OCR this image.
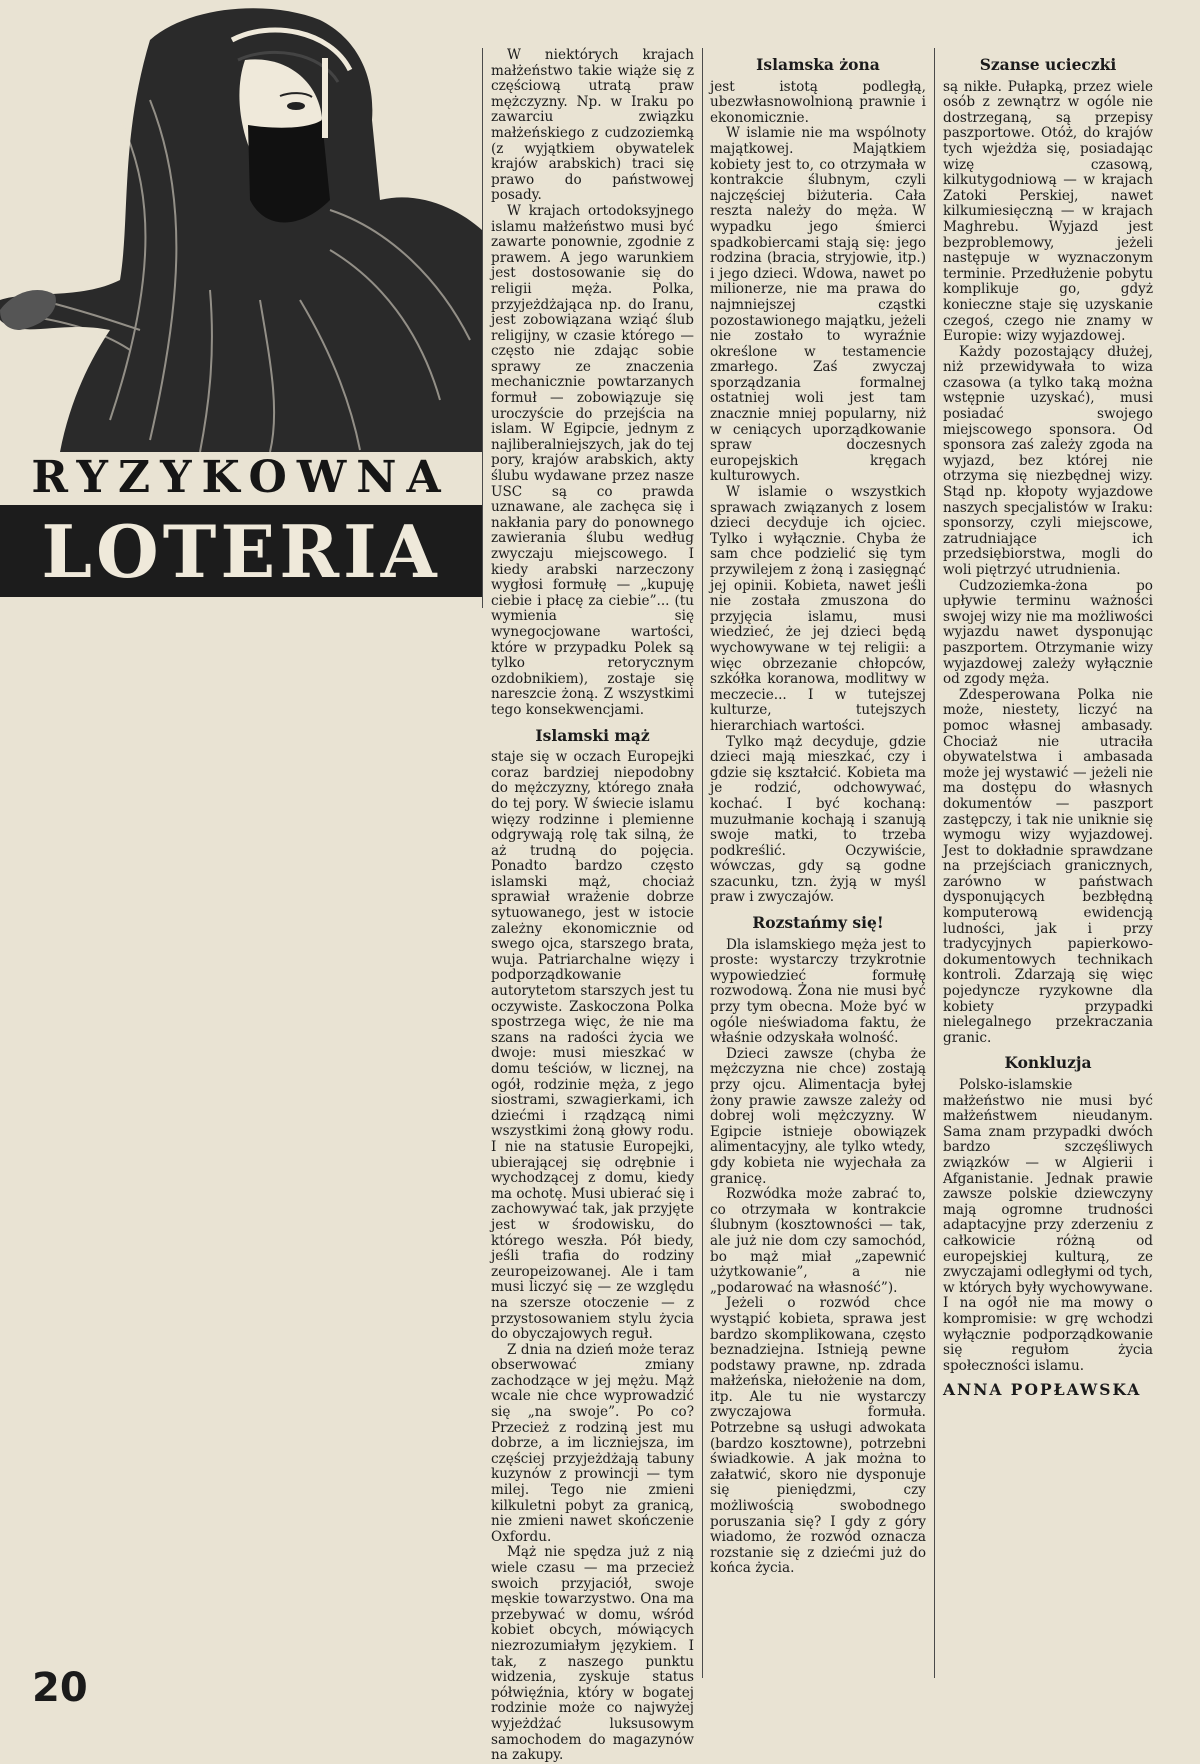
RYZYKOWNA
LOTERIA

W niektórych krajach małżeństwo takie wiąże się z częściową utratą praw mężczyzny. Np. w Iraku po zawarciu związku małżeńskiego z cudzoziemką (z wyjątkiem obywatelek krajów arabskich) traci się prawo do państwowej posady.

W krajach ortodoksyjnego islamu małżeństwo musi być zawarte ponownie, zgodnie z prawem. A jego warunkiem jest dostosowanie się do religii męża. Polka, przyjeżdżająca np. do Iranu, jest zobowiązana wziąć ślub religijny, w czasie którego — często nie zdając sobie sprawy ze znaczenia mechanicznie powtarzanych formuł — zobowiązuje się uroczyście do przejścia na islam. W Egipcie, jednym z najliberalniejszych, jak do tej pory, krajów arabskich, akty ślubu wydawane przez nasze USC są co prawda uznawane, ale zachęca się i nakłania pary do ponownego zawierania ślubu według zwyczaju miejscowego. I kiedy arabski narzeczony wygłosi formułę — „kupuję ciebie i płacę za ciebie”... (tu wymienia się wynegocjowane wartości, które w przypadku Polek są tylko retorycznym ozdobnikiem), zostaje się nareszcie żoną. Z wszystkimi tego konsekwencjami.

Islamski mąż

staje się w oczach Europejki coraz bardziej niepodobny do mężczyzny, którego znała do tej pory. W świecie islamu więzy rodzinne i plemienne odgrywają rolę tak silną, że aż trudną do pojęcia. Ponadto bardzo często islamski mąż, chociaż sprawiał wrażenie dobrze sytuowanego, jest w istocie zależny ekonomicznie od swego ojca, starszego brata, wuja. Patriarchalne więzy i podporządkowanie autorytetom starszych jest tu oczywiste. Zaskoczona Polka spostrzega więc, że nie ma szans na radości życia we dwoje: musi mieszkać w domu teściów, w licznej, na ogół, rodzinie męża, z jego siostrami, szwagierkami, ich dziećmi i rządzącą nimi wszystkimi żoną głowy rodu. I nie na statusie Europejki, ubierającej się odrębnie i wychodzącej z domu, kiedy ma ochotę. Musi ubierać się i zachowywać tak, jak przyjęte jest w środowisku, do którego weszła. Pół biedy, jeśli trafia do rodziny zeuropeizowanej. Ale i tam musi liczyć się — ze względu na szersze otoczenie — z przystosowaniem stylu życia do obyczajowych reguł.

Z dnia na dzień może teraz obserwować zmiany zachodzące w jej mężu. Mąż wcale nie chce wyprowadzić się „na swoje”. Po co? Przecież z rodziną jest mu dobrze, a im liczniejsza, im częściej przyjeżdżają tabuny kuzynów z prowincji — tym milej. Tego nie zmieni kilkuletni pobyt za granicą, nie zmieni nawet skończenie Oxfordu.

Mąż nie spędza już z nią wiele czasu — ma przecież swoich przyjaciół, swoje męskie towarzystwo. Ona ma przebywać w domu, wśród kobiet obcych, mówiących niezrozumiałym językiem. I tak, z naszego punktu widzenia, zyskuje status półwięźnia, który w bogatej rodzinie może co najwyżej wyjeżdżać luksusowym samochodem do magazynów na zakupy.

Islamska żona

jest istotą podległą, ubezwłasnowolnioną prawnie i ekonomicznie.

W islamie nie ma wspólnoty majątkowej. Majątkiem kobiety jest to, co otrzymała w kontrakcie ślubnym, czyli najczęściej biżuteria. Cała reszta należy do męża. W wypadku jego śmierci spadkobiercami stają się: jego rodzina (bracia, stryjowie, itp.) i jego dzieci. Wdowa, nawet po milionerze, nie ma prawa do najmniejszej cząstki pozostawionego majątku, jeżeli nie zostało to wyraźnie określone w testamencie zmarłego. Zaś zwyczaj sporządzania formalnej ostatniej woli jest tam znacznie mniej popularny, niż w ceniących uporządkowanie spraw doczesnych europejskich kręgach kulturowych.

W islamie o wszystkich sprawach związanych z losem dzieci decyduje ich ojciec. Tylko i wyłącznie. Chyba że sam chce podzielić się tym przywilejem z żoną i zasięgnąć jej opinii. Kobieta, nawet jeśli nie została zmuszona do przyjęcia islamu, musi wiedzieć, że jej dzieci będą wychowywane w tej religii: a więc obrzezanie chłopców, szkółka koranowa, modlitwy w meczecie... I w tutejszej kulturze, tutejszych hierarchiach wartości.

Tylko mąż decyduje, gdzie dzieci mają mieszkać, czy i gdzie się kształcić. Kobieta ma je rodzić, odchowywać, kochać. I być kochaną: muzułmanie kochają i szanują swoje matki, to trzeba podkreślić. Oczywiście, wówczas, gdy są godne szacunku, tzn. żyją w myśl praw i zwyczajów.

Rozstańmy się!

Dla islamskiego męża jest to proste: wystarczy trzykrotnie wypowiedzieć formułę rozwodową. Żona nie musi być przy tym obecna. Może być w ogóle nieświadoma faktu, że właśnie odzyskała wolność.

Dzieci zawsze (chyba że mężczyzna nie chce) zostają przy ojcu. Alimentacja byłej żony prawie zawsze zależy od dobrej woli mężczyzny. W Egipcie istnieje obowiązek alimentacyjny, ale tylko wtedy, gdy kobieta nie wyjechała za granicę.

Rozwódka może zabrać to, co otrzymała w kontrakcie ślubnym (kosztowności — tak, ale już nie dom czy samochód, bo mąż miał „zapewnić użytkowanie”, a nie „podarować na własność”).

Jeżeli o rozwód chce wystąpić kobieta, sprawa jest bardzo skomplikowana, często beznadziejna. Istnieją pewne podstawy prawne, np. zdrada małżeńska, niełożenie na dom, itp. Ale tu nie wystarczy zwyczajowa formuła. Potrzebne są usługi adwokata (bardzo kosztowne), potrzebni świadkowie. A jak można to załatwić, skoro nie dysponuje się pieniędzmi, czy możliwością swobodnego poruszania się? I gdy z góry wiadomo, że rozwód oznacza rozstanie się z dziećmi już do końca życia.

Szanse ucieczki

są nikłe. Pułapką, przez wiele osób z zewnątrz w ogóle nie dostrzeganą, są przepisy paszportowe. Otóż, do krajów tych wjeżdża się, posiadając wizę czasową, kilkutygodniową — w krajach Zatoki Perskiej, nawet kilkumiesięczną — w krajach Maghrebu. Wyjazd jest bezproblemowy, jeżeli następuje w wyznaczonym terminie. Przedłużenie pobytu komplikuje go, gdyż konieczne staje się uzyskanie czegoś, czego nie znamy w Europie: wizy wyjazdowej.

Każdy pozostający dłużej, niż przewidywała to wiza czasowa (a tylko taką można wstępnie uzyskać), musi posiadać swojego miejscowego sponsora. Od sponsora zaś zależy zgoda na wyjazd, bez której nie otrzyma się niezbędnej wizy. Stąd np. kłopoty wyjazdowe naszych specjalistów w Iraku: sponsorzy, czyli miejscowe, zatrudniające ich przedsiębiorstwa, mogli do woli piętrzyć utrudnienia.

Cudzoziemka-żona po upływie terminu ważności swojej wizy nie ma możliwości wyjazdu nawet dysponując paszportem. Otrzymanie wizy wyjazdowej zależy wyłącznie od zgody męża.

Zdesperowana Polka nie może, niestety, liczyć na pomoc własnej ambasady. Chociaż nie utraciła obywatelstwa i ambasada może jej wystawić — jeżeli nie ma dostępu do własnych dokumentów — paszport zastępczy, i tak nie uniknie się wymogu wizy wyjazdowej. Jest to dokładnie sprawdzane na przejściach granicznych, zarówno w państwach dysponujących bezbłędną komputerową ewidencją ludności, jak i przy tradycyjnych papierkowo-dokumentowych technikach kontroli. Zdarzają się więc pojedyncze ryzykowne dla kobiety przypadki nielegalnego przekraczania granic.

Konkluzja

Polsko-islamskie małżeństwo nie musi być małżeństwem nieudanym. Sama znam przypadki dwóch bardzo szczęśliwych związków — w Algierii i Afganistanie. Jednak prawie zawsze polskie dziewczyny mają ogromne trudności adaptacyjne przy zderzeniu z całkowicie różną od europejskiej kulturą, ze zwyczajami odległymi od tych, w których były wychowywane. I na ogół nie ma mowy o kompromisie: w grę wchodzi wyłącznie podporządkowanie się regułom życia społeczności islamu.

ANNA POPŁAWSKA
20
